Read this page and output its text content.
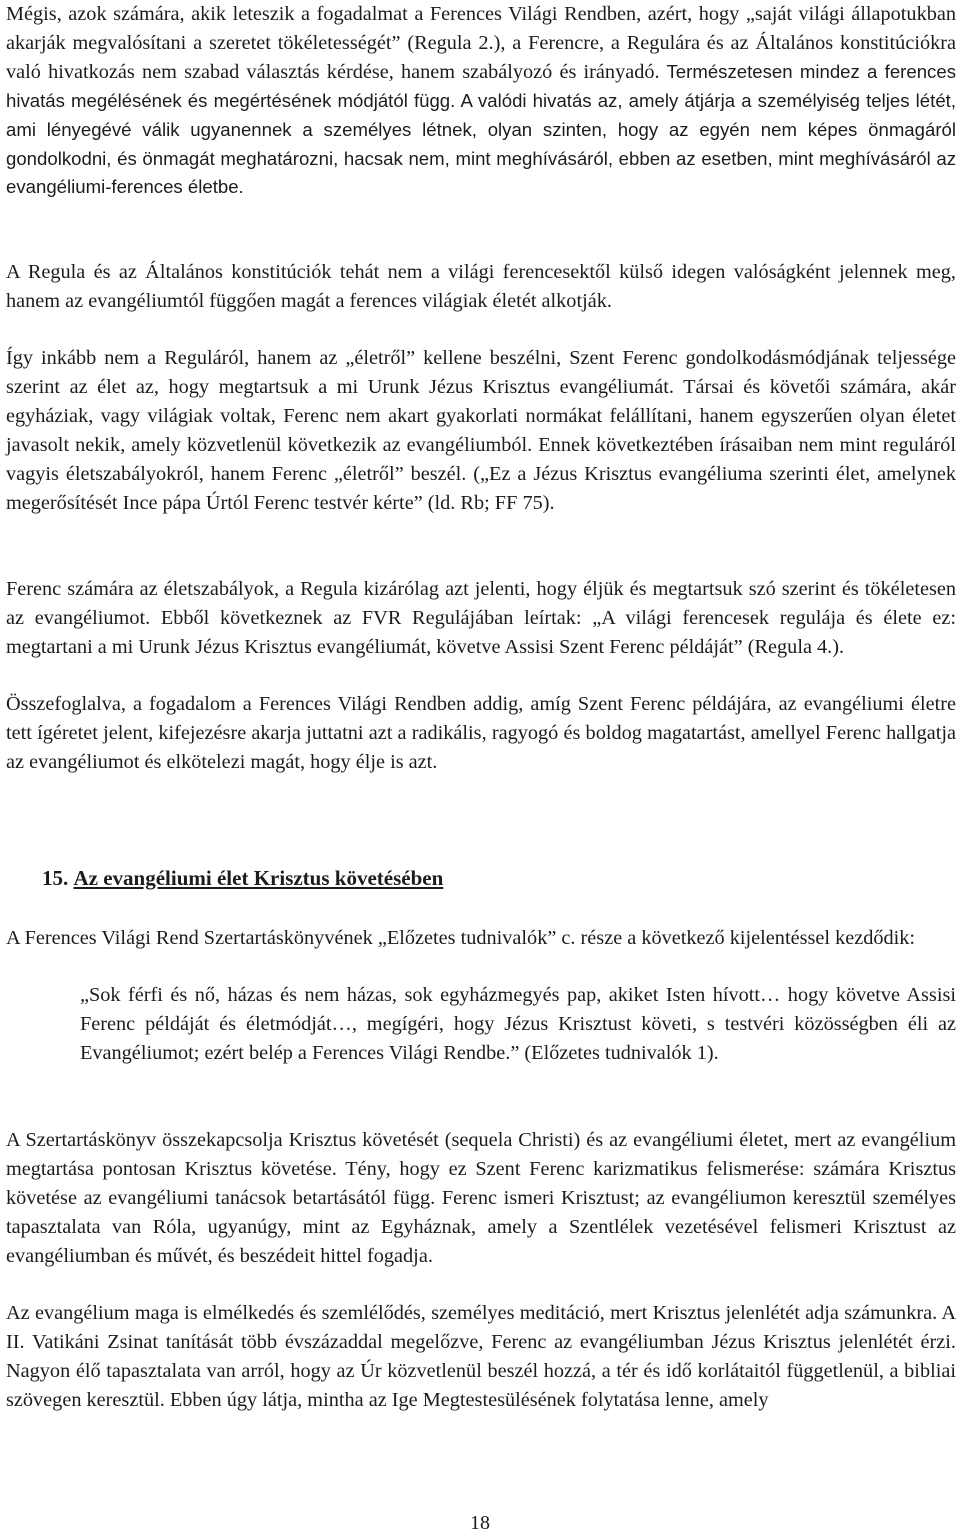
Mégis, azok számára, akik leteszik a fogadalmat a Ferences Világi Rendben, azért, hogy „saját világi állapotukban akarják megvalósítani a szeretet tökéletességét” (Regula 2.), a Ferencre, a Regulára és az Általános konstitúciókra való hivatkozás nem szabad választás kérdése, hanem szabályozó és irányadó. Természetesen mindez a ferences hivatás megélésének és megértésének módjától függ. A valódi hivatás az, amely átjárja a személyiség teljes létét, ami lényegévé válik ugyanennek a személyes létnek, olyan szinten, hogy az egyén nem képes önmagáról gondolkodni, és önmagát meghatározni, hacsak nem, mint meghívásáról, ebben az esetben, mint meghívásáról az evangéliumi-ferences életbe.

A Regula és az Általános konstitúciók tehát nem a világi ferencesektől külső idegen valóságként jelennek meg, hanem az evangéliumtól függően magát a ferences világiak életét alkotják.

Így inkább nem a Reguláról, hanem az „életről” kellene beszélni, Szent Ferenc gondolkodásmódjának teljessége szerint az élet az, hogy megtartsuk a mi Urunk Jézus Krisztus evangéliumát. Társai és követői számára, akár egyháziak, vagy világiak voltak, Ferenc nem akart gyakorlati normákat felállítani, hanem egyszerűen olyan életet javasolt nekik, amely közvetlenül következik az evangéliumból. Ennek következtében írásaiban nem mint reguláról vagyis életszabályokról, hanem Ferenc „életről” beszél. („Ez a Jézus Krisztus evangéliuma szerinti élet, amelynek megerősítését Ince pápa Úrtól Ferenc testvér kérte” (ld. Rb; FF 75).

Ferenc számára az életszabályok, a Regula kizárólag azt jelenti, hogy éljük és megtartsuk szó szerint és tökéletesen az evangéliumot. Ebből következnek az FVR Regulájában leírtak: „A világi ferencesek regulája és élete ez: megtartani a mi Urunk Jézus Krisztus evangéliumát, követve Assisi Szent Ferenc példáját” (Regula 4.).

Összefoglalva, a fogadalom a Ferences Világi Rendben addig, amíg Szent Ferenc példájára, az evangéliumi életre tett ígéretet jelent, kifejezésre akarja juttatni azt a radikális, ragyogó és boldog magatartást, amellyel Ferenc hallgatja az evangéliumot és elkötelezi magát, hogy élje is azt.

15. Az evangéliumi élet Krisztus követésében

A Ferences Világi Rend Szertartáskönyvének „Előzetes tudnivalók” c. része a következő kijelentéssel kezdődik:

„Sok férfi és nő, házas és nem házas, sok egyházmegyés pap, akiket Isten hívott… hogy követve Assisi Ferenc példáját és életmódját…, megígéri, hogy Jézus Krisztust követi, s testvéri közösségben éli az Evangéliumot; ezért belép a Ferences Világi Rendbe.” (Előzetes tudnivalók 1).

A Szertartáskönyv összekapcsolja Krisztus követését (sequela Christi) és az evangéliumi életet, mert az evangélium megtartása pontosan Krisztus követése. Tény, hogy ez Szent Ferenc karizmatikus felismerése: számára Krisztus követése az evangéliumi tanácsok betartásától függ. Ferenc ismeri Krisztust; az evangéliumon keresztül személyes tapasztalata van Róla, ugyanúgy, mint az Egyháznak, amely a Szentlélek vezetésével felismeri Krisztust az evangéliumban és művét, és beszédeit hittel fogadja.

Az evangélium maga is elmélkedés és szemlélődés, személyes meditáció, mert Krisztus jelenlétét adja számunkra. A II. Vatikáni Zsinat tanítását több évszázaddal megelőzve, Ferenc az evangéliumban Jézus Krisztus jelenlétét érzi. Nagyon élő tapasztalata van arról, hogy az Úr közvetlenül beszél hozzá, a tér és idő korlátaitól függetlenül, a bibliai szövegen keresztül. Ebben úgy látja, mintha az Ige Megtestesülésének folytatása lenne, amely

18
